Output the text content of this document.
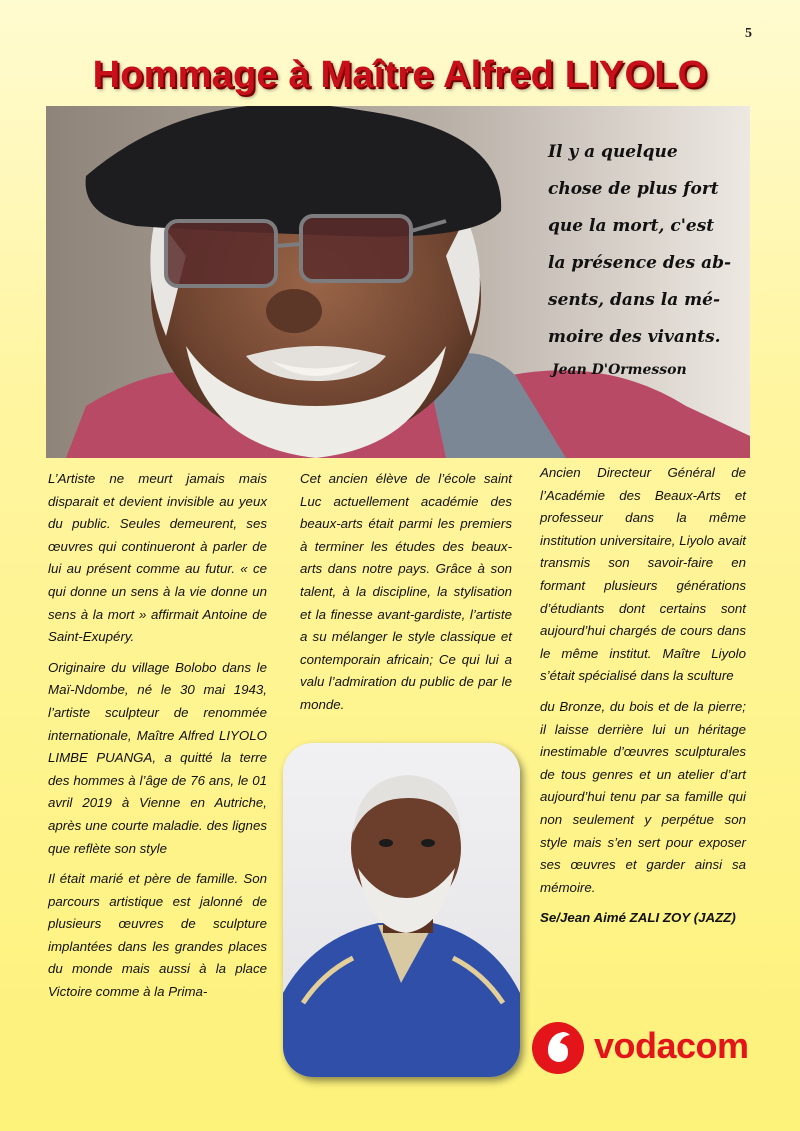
5
Hommage à Maître Alfred LIYOLO
Il y a quelque
chose de plus fort
que la mort, c'est
la présence des ab-
sents, dans la mé-
moire des vivants.
Jean D'Ormesson

L’Artiste ne meurt jamais mais disparait et devient invisible au yeux du public. Seules demeurent, ses œuvres qui continueront à parler de lui au présent comme au futur. « ce qui donne un sens à la vie donne un sens à la mort » affirmait Antoine de Saint-Exupéry.

Originaire du village Bolobo dans le Maï-Ndombe, né le 30 mai 1943, l’artiste sculpteur de renommée internationale, Maître Alfred LIYOLO LIMBE PUANGA, a quitté la terre des hommes à l’âge de 76 ans, le 01 avril 2019 à Vienne en Autriche, après une courte maladie. des lignes que reflète son style

Il était marié et père de famille. Son parcours artistique est jalonné de plusieurs œuvres de sculpture implantées dans les grandes places du monde mais aussi à la place Victoire comme à la Prima-

Cet ancien élève de l’école saint Luc actuellement académie des beaux-arts était parmi les premiers à terminer les études des beaux-arts dans notre pays. Grâce à son talent, à la discipline, la stylisation et la finesse avant-gardiste, l’artiste a su mélanger le style classique et contemporain africain; Ce qui lui a valu l’admiration du public de par le monde.

Ancien Directeur Général de l’Académie des Beaux-Arts et professeur dans la même institution universitaire, Liyolo avait transmis son savoir-faire en formant plusieurs générations d’étudiants dont certains sont aujourd’hui chargés de cours dans le même institut. Maître Liyolo s’était spécialisé dans la sculture

du Bronze, du bois et de la pierre; il laisse derrière lui un héritage inestimable d’œuvres sculpturales de tous genres et un atelier d’art aujourd’hui tenu par sa famille qui non seulement y perpétue son style mais s’en sert pour exposer ses œuvres et garder ainsi sa mémoire.

Se/Jean Aimé ZALI ZOY (JAZZ)

vodacom
